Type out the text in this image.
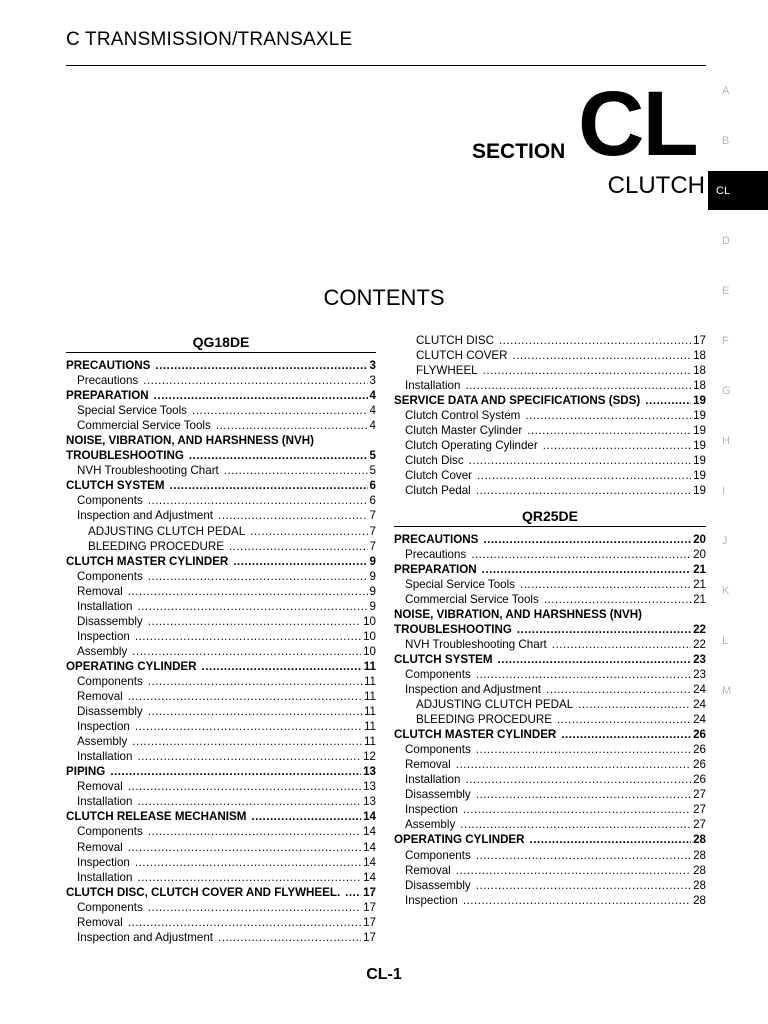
C TRANSMISSION/TRANSAXLE
SECTION CL
CLUTCH
A
B
CL
D
E
F
G
H
I
J
K
L
M
CONTENTS
QG18DE
PRECAUTIONS .....	3
Precautions .....	3
PREPARATION .....	4
Special Service Tools .....	4
Commercial Service Tools .....	4
NOISE, VIBRATION, AND HARSHNESS (NVH)
TROUBLESHOOTING .....	5
NVH Troubleshooting Chart .....	5
CLUTCH SYSTEM .....	6
Components .....	6
Inspection and Adjustment .....	7
ADJUSTING CLUTCH PEDAL .....	7
BLEEDING PROCEDURE .....	7
CLUTCH MASTER CYLINDER .....	9
Components .....	9
Removal .....	9
Installation .....	9
Disassembly .....	10
Inspection .....	10
Assembly .....	10
OPERATING CYLINDER .....	11
Components .....	11
Removal .....	11
Disassembly .....	11
Inspection .....	11
Assembly .....	11
Installation .....	12
PIPING .....	13
Removal .....	13
Installation .....	13
CLUTCH RELEASE MECHANISM .....	14
Components .....	14
Removal .....	14
Inspection .....	14
Installation .....	14
CLUTCH DISC, CLUTCH COVER AND FLYWHEEL. ..... 17
Components .....	17
Removal .....	17
Inspection and Adjustment .....	17
CLUTCH DISC .....	17
CLUTCH COVER .....	18
FLYWHEEL .....	18
Installation .....	18
SERVICE DATA AND SPECIFICATIONS (SDS) .....	19
Clutch Control System .....	19
Clutch Master Cylinder .....	19
Clutch Operating Cylinder .....	19
Clutch Disc .....	19
Clutch Cover .....	19
Clutch Pedal .....	19
QR25DE
PRECAUTIONS .....	20
Precautions .....	20
PREPARATION .....	21
Special Service Tools .....	21
Commercial Service Tools .....	21
NOISE, VIBRATION, AND HARSHNESS (NVH)
TROUBLESHOOTING .....	22
NVH Troubleshooting Chart .....	22
CLUTCH SYSTEM .....	23
Components .....	23
Inspection and Adjustment .....	24
ADJUSTING CLUTCH PEDAL .....	24
BLEEDING PROCEDURE .....	24
CLUTCH MASTER CYLINDER .....	26
Components .....	26
Removal .....	26
Installation .....	26
Disassembly .....	27
Inspection .....	27
Assembly .....	27
OPERATING CYLINDER .....	28
Components .....	28
Removal .....	28
Disassembly .....	28
Inspection .....	28
CL-1
